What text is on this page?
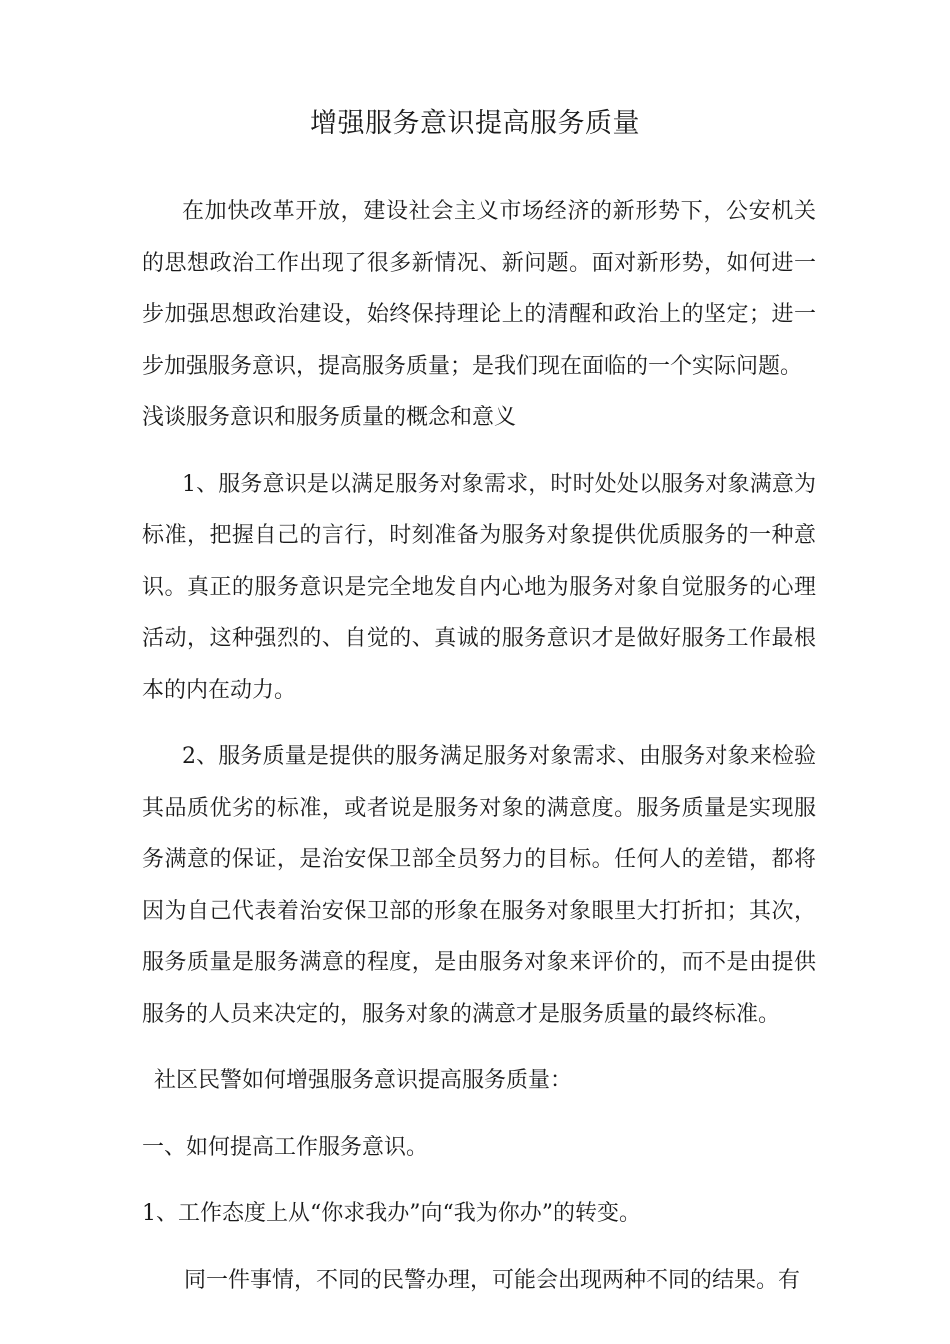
增强服务意识提高服务质量

在加快改革开放，建设社会主义市场经济的新形势下，公安机关的思想政治工作出现了很多新情况、新问题。面对新形势，如何进一步加强思想政治建设，始终保持理论上的清醒和政治上的坚定；进一步加强服务意识，提高服务质量；是我们现在面临的一个实际问题。

浅谈服务意识和服务质量的概念和意义

1、服务意识是以满足服务对象需求，时时处处以服务对象满意为标准，把握自己的言行，时刻准备为服务对象提供优质服务的一种意识。真正的服务意识是完全地发自内心地为服务对象自觉服务的心理活动，这种强烈的、自觉的、真诚的服务意识才是做好服务工作最根本的内在动力。

2、服务质量是提供的服务满足服务对象需求、由服务对象来检验其品质优劣的标准，或者说是服务对象的满意度。服务质量是实现服务满意的保证，是治安保卫部全员努力的目标。任何人的差错，都将因为自己代表着治安保卫部的形象在服务对象眼里大打折扣；其次，服务质量是服务满意的程度，是由服务对象来评价的，而不是由提供服务的人员来决定的，服务对象的满意才是服务质量的最终标准。

社区民警如何增强服务意识提高服务质量：

一、如何提高工作服务意识。

1、工作态度上从“你求我办”向“我为你办”的转变。

同一件事情，不同的民警办理，可能会出现两种不同的结果。有
